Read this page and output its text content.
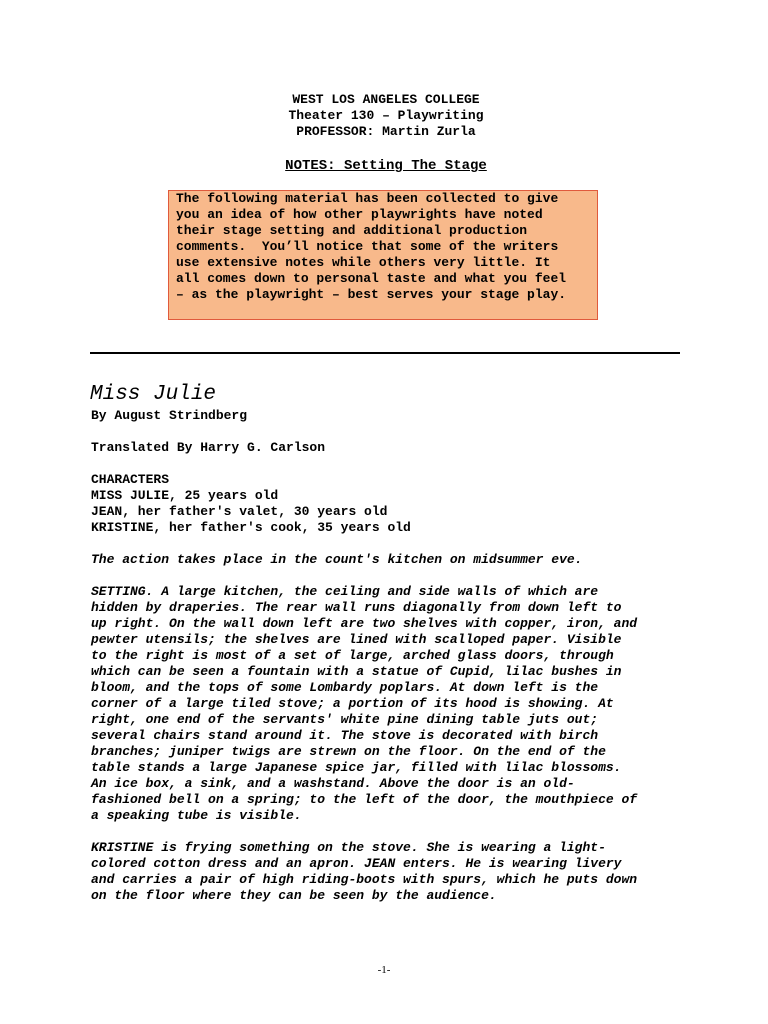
WEST LOS ANGELES COLLEGE
Theater 130 – Playwriting
PROFESSOR: Martin Zurla
NOTES: Setting The Stage
The following material has been collected to give
you an idea of how other playwrights have noted
their stage setting and additional production
comments.  You’ll notice that some of the writers
use extensive notes while others very little. It
all comes down to personal taste and what you feel
– as the playwright – best serves your stage play.
Miss Julie
By August Strindberg
Translated By Harry G. Carlson
CHARACTERS
MISS JULIE, 25 years old
JEAN, her father's valet, 30 years old
KRISTINE, her father's cook, 35 years old
The action takes place in the count's kitchen on midsummer eve.
SETTING. A large kitchen, the ceiling and side walls of which are
hidden by draperies. The rear wall runs diagonally from down left to
up right. On the wall down left are two shelves with copper, iron, and
pewter utensils; the shelves are lined with scalloped paper. Visible
to the right is most of a set of large, arched glass doors, through
which can be seen a fountain with a statue of Cupid, lilac bushes in
bloom, and the tops of some Lombardy poplars. At down left is the
corner of a large tiled stove; a portion of its hood is showing. At
right, one end of the servants' white pine dining table juts out;
several chairs stand around it. The stove is decorated with birch
branches; juniper twigs are strewn on the floor. On the end of the
table stands a large Japanese spice jar, filled with lilac blossoms.
An ice box, a sink, and a washstand. Above the door is an old-
fashioned bell on a spring; to the left of the door, the mouthpiece of
a speaking tube is visible.
KRISTINE is frying something on the stove. She is wearing a light-
colored cotton dress and an apron. JEAN enters. He is wearing livery
and carries a pair of high riding-boots with spurs, which he puts down
on the floor where they can be seen by the audience.
-1-
